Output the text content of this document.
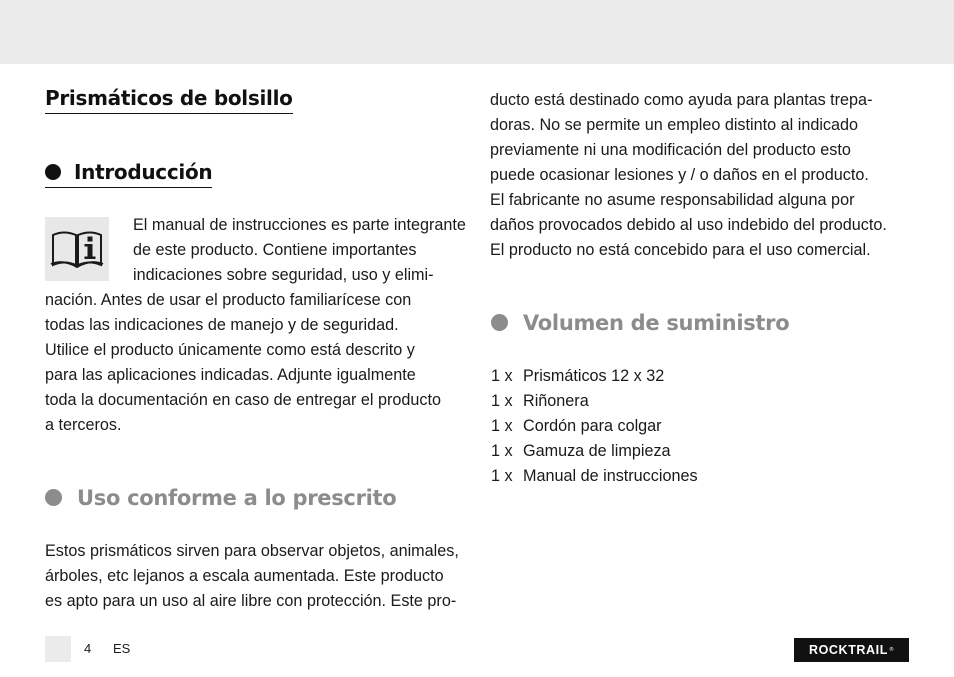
Prismáticos de bolsillo
Introducción

El manual de instrucciones es parte integrante
de este producto. Contiene importantes
indicaciones sobre seguridad, uso y elimi-

nación. Antes de usar el producto familiarícese con
todas las indicaciones de manejo y de seguridad.
Utilice el producto únicamente como está descrito y
para las aplicaciones indicadas. Adjunte igualmente
toda la documentación en caso de entregar el producto
a terceros.

Uso conforme a lo prescrito

Estos prismáticos sirven para observar objetos, animales,
árboles, etc lejanos a escala aumentada. Este producto
es apto para un uso al aire libre con protección. Este pro-

ducto está destinado como ayuda para plantas trepa-
doras. No se permite un empleo distinto al indicado
previamente ni una modificación del producto esto
puede ocasionar lesiones y / o daños en el producto.
El fabricante no asume responsabilidad alguna por
daños provocados debido al uso indebido del producto.
El producto no está concebido para el uso comercial.

Volumen de suministro
1 x Prismáticos 12 x 32
1 x Riñonera
1 x Cordón para colgar
1 x Gamuza de limpieza
1 x Manual de instrucciones
4 ES	ROCKTRAIL ®
